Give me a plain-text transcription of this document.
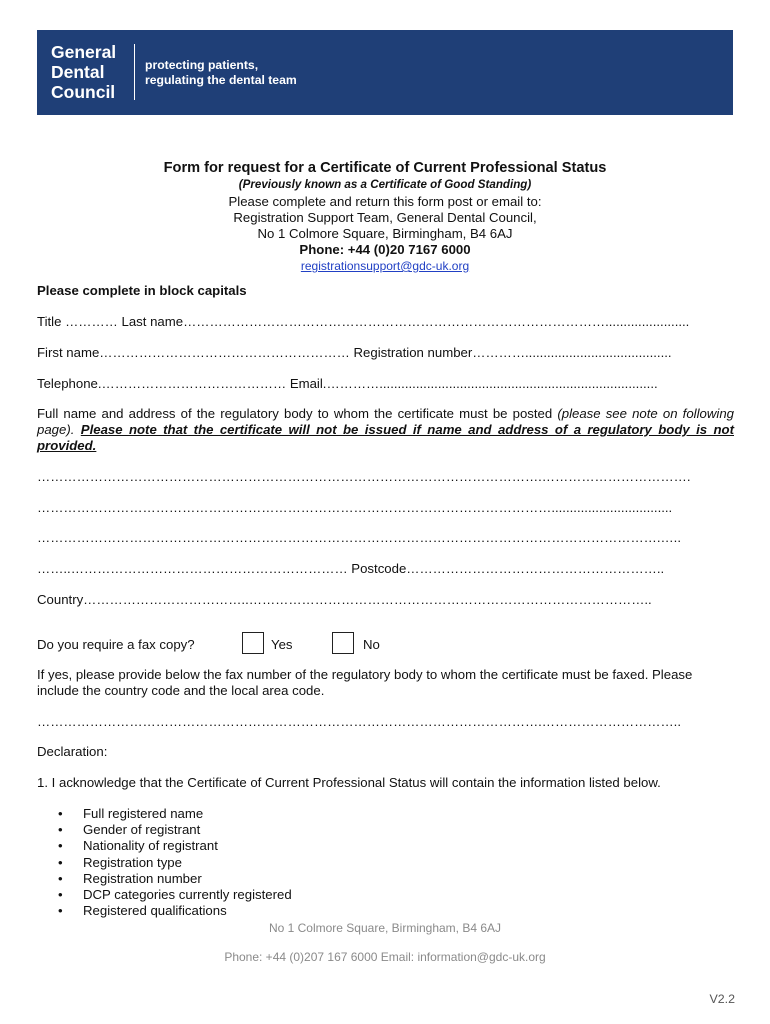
General
Dental
Council
protecting patients,
regulating the dental team
Form for request for a Certificate of Current Professional Status
(Previously known as a Certificate of Good Standing)
Please complete and return this form post or email to:
Registration Support Team, General Dental Council,
No 1 Colmore Square, Birmingham, B4 6AJ
Phone: +44 (0)20 7167 6000
registrationsupport@gdc-uk.org
Please complete in block capitals
Title ………… Last name…………………………………………………………………………………….......................
First name………………………………………………… Registration number…………........................................
Telephone.…………………………………… Email.…………............................................................................
Full name and address of the regulatory body to whom the certificate must be posted (please see note on following page). Please note that the certificate will not be issued if name and address of a regulatory body is not provided.
…………………………………………………………………………………………………….…………………………….
……………………………………………………………………………………………………….................................
…………………………………………………………………………………………………………………………….…..
……..……………………………………………………… Postcode…………………………………………………..
Country………………………………..………………………………………………………………………………..
Do you require a fax copy?	Yes	No
If yes, please provide below the fax number of the regulatory body to whom the certificate must be faxed. Please include the country code and the local area code.
…………………………………………………………………………………………………….…………………………..
Declaration:
1. I acknowledge that the Certificate of Current Professional Status will contain the information listed below.
• Full registered name
• Gender of registrant
• Nationality of registrant
• Registration type
• Registration number
• DCP categories currently registered
• Registered qualifications
No 1 Colmore Square, Birmingham, B4 6AJ
Phone: +44 (0)207 167 6000 Email: information@gdc-uk.org
V2.2
